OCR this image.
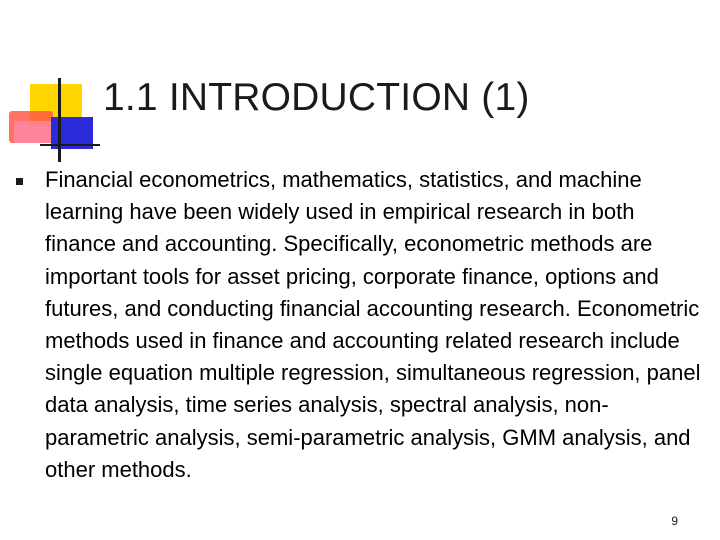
1.1 INTRODUCTION (1)
Financial econometrics, mathematics, statistics, and machine learning have been widely used in empirical research in both finance and accounting. Specifically, econometric methods are important tools for asset pricing, corporate finance, options and futures, and conducting financial accounting research. Econometric methods used in finance and accounting related research include single equation multiple regression, simultaneous regression, panel data analysis, time series analysis, spectral analysis, non-parametric analysis, semi-parametric analysis, GMM analysis, and other methods.
9
